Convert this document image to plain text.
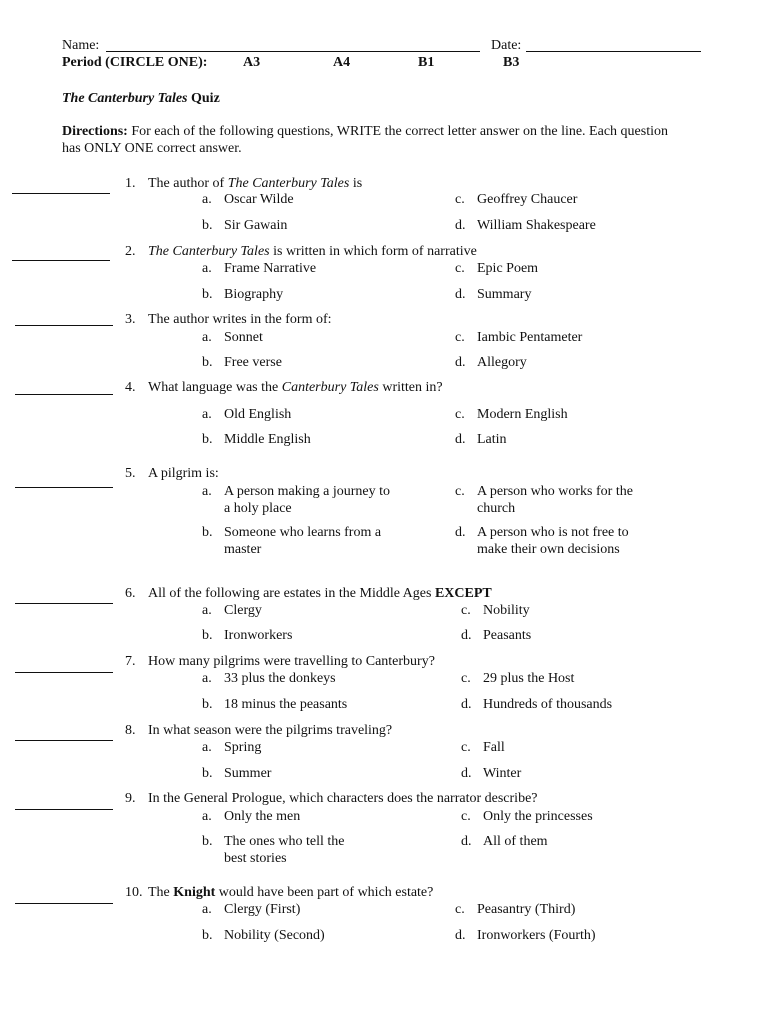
Name:	Date:
Period (CIRCLE ONE):	A3	A4	B1	B3
The Canterbury Tales Quiz
Directions: For each of the following questions, WRITE the correct letter answer on the line. Each question
has ONLY ONE correct answer.
1. The author of The Canterbury Tales is
a. Oscar Wilde
b. Sir Gawain
c. Geoffrey Chaucer
d. William Shakespeare
2. The Canterbury Tales is written in which form of narrative
a. Frame Narrative
b. Biography
c. Epic Poem
d. Summary
3. The author writes in the form of:
a. Sonnet
b. Free verse
c. Iambic Pentameter
d. Allegory
4. What language was the Canterbury Tales written in?
a. Old English
b. Middle English
c. Modern English
d. Latin
5. A pilgrim is:
a. A person making a journey to a holy place
b. Someone who learns from a master
c. A person who works for the church
d. A person who is not free to make their own decisions
6. All of the following are estates in the Middle Ages EXCEPT
a. Clergy
b. Ironworkers
c. Nobility
d. Peasants
7. How many pilgrims were travelling to Canterbury?
a. 33 plus the donkeys
b. 18 minus the peasants
c. 29 plus the Host
d. Hundreds of thousands
8. In what season were the pilgrims traveling?
a. Spring
b. Summer
c. Fall
d. Winter
9. In the General Prologue, which characters does the narrator describe?
a. Only the men
b. The ones who tell the best stories
c. Only the princesses
d. All of them
10. The Knight would have been part of which estate?
a. Clergy (First)
b. Nobility (Second)
c. Peasantry (Third)
d. Ironworkers (Fourth)
